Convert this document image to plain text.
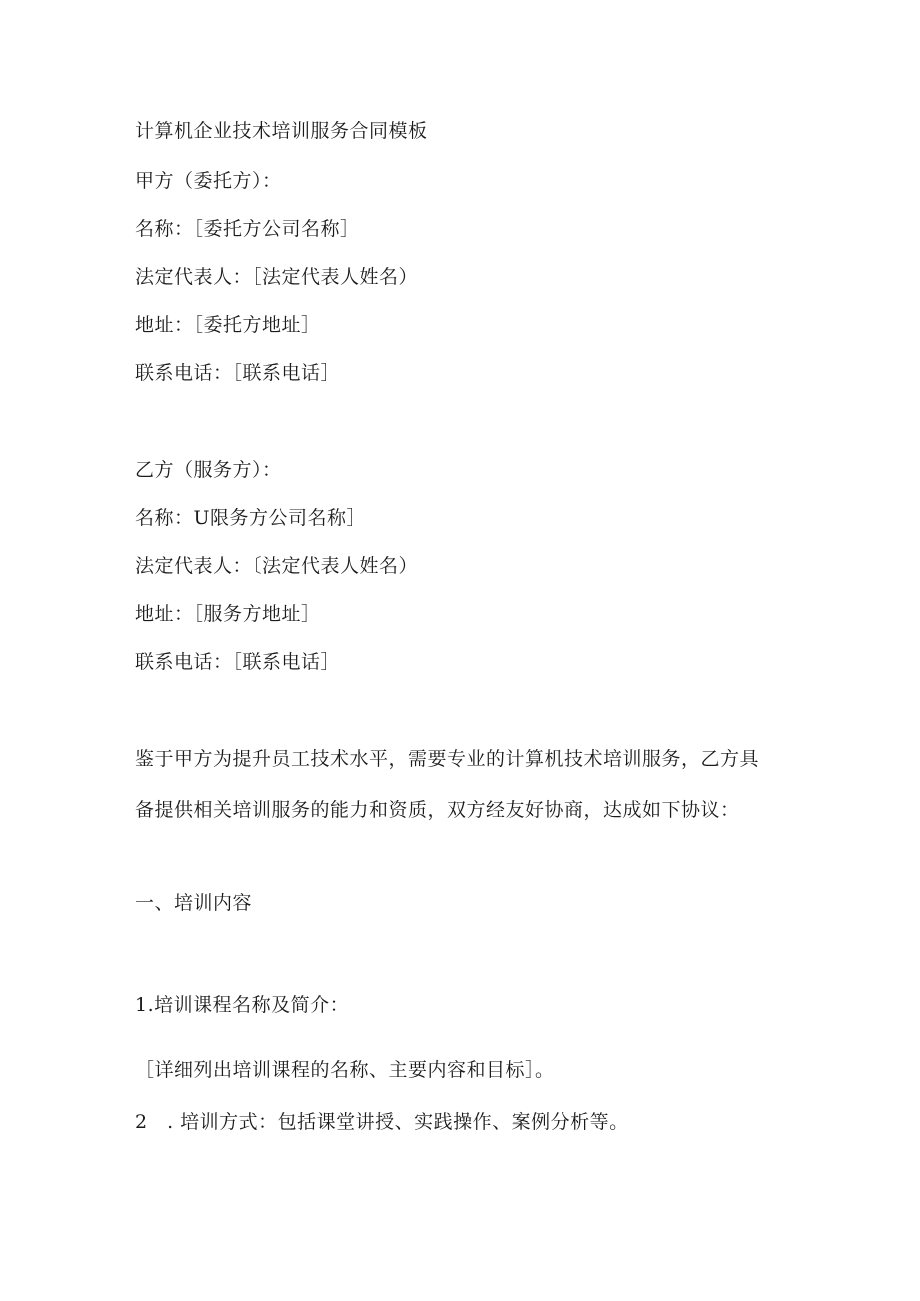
计算机企业技术培训服务合同模板
甲方（委托方）：
名称：［委托方公司名称］
法定代表人：［法定代表人姓名）
地址：［委托方地址］
联系电话：［联系电话］
乙方（服务方）：
名称：U限务方公司名称］
法定代表人：〔法定代表人姓名）
地址：［服务方地址］
联系电话：［联系电话］
鉴于甲方为提升员工技术水平，需要专业的计算机技术培训服务，乙方具
备提供相关培训服务的能力和资质，双方经友好协商，达成如下协议：
一、培训内容
1.培训课程名称及简介：
［详细列出培训课程的名称、主要内容和目标］。
2　. 培训方式：包括课堂讲授、实践操作、案例分析等。
